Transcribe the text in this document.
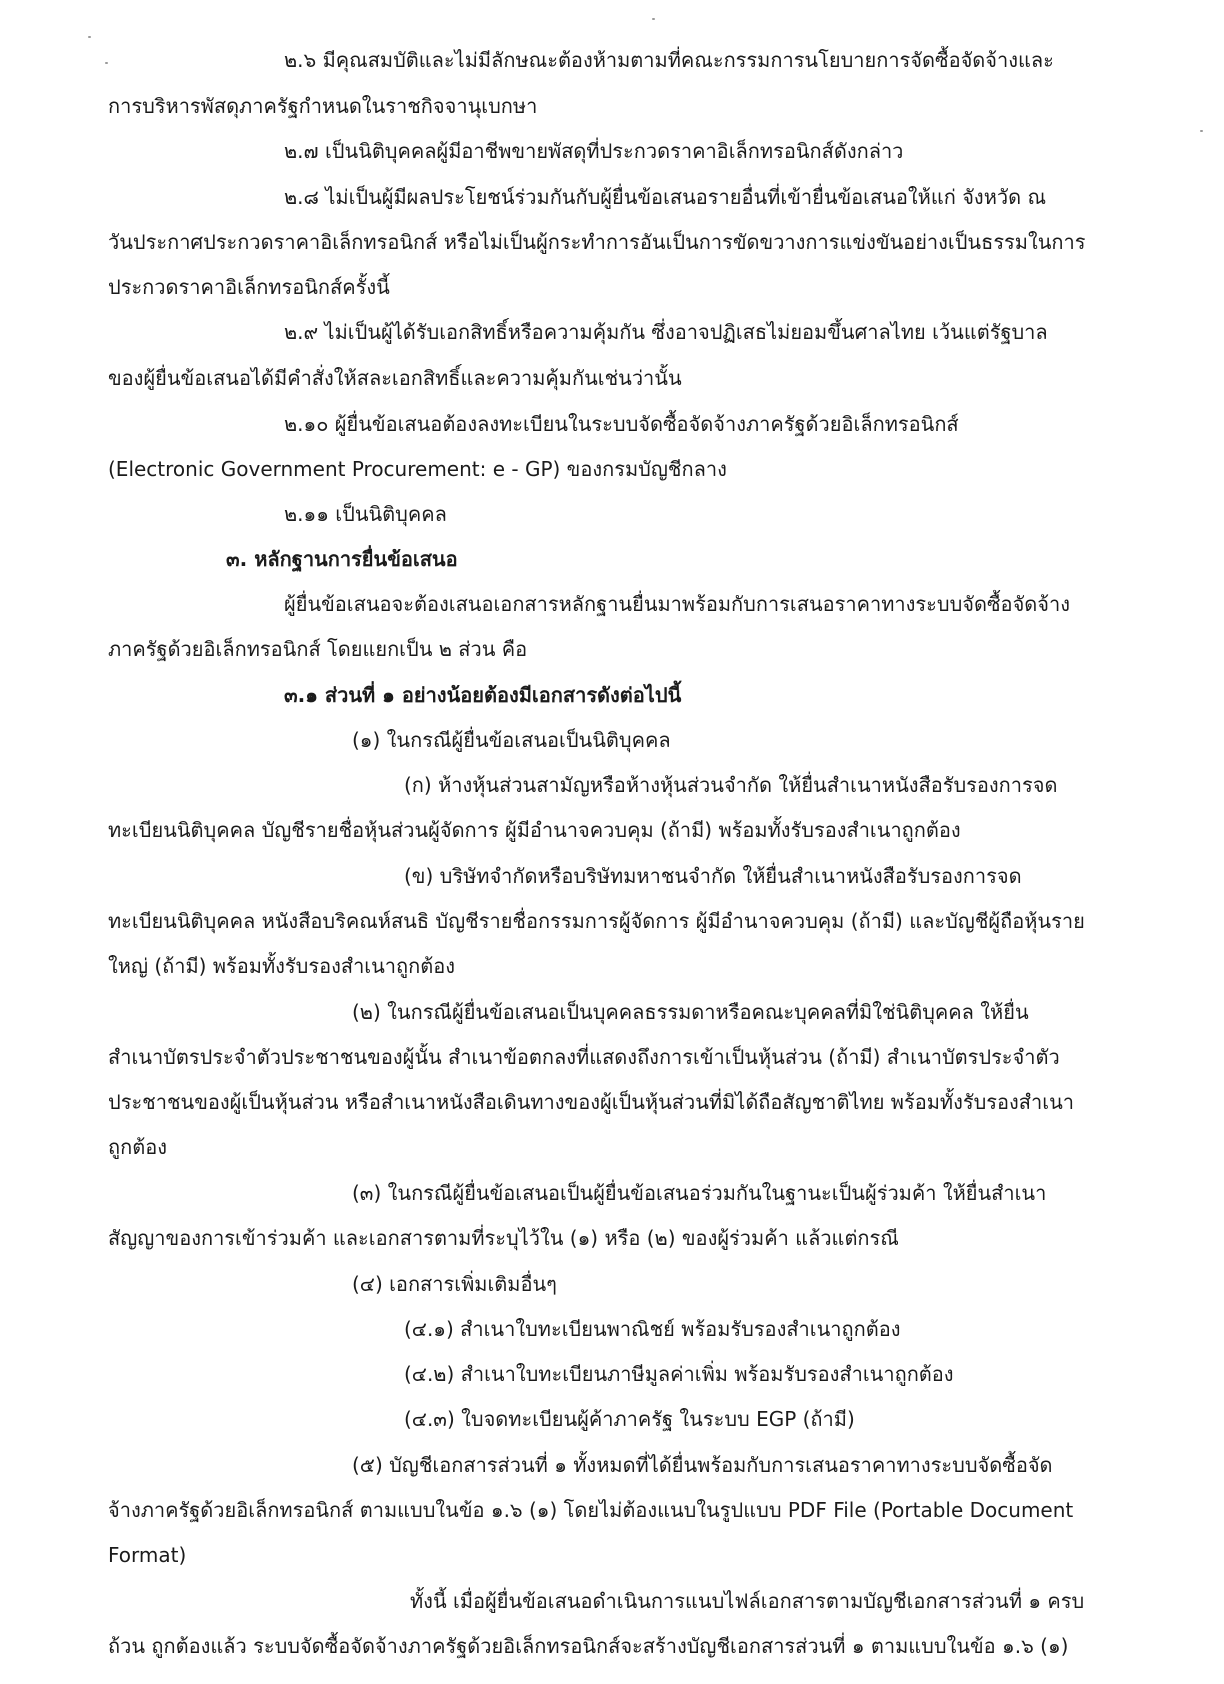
๒.๖ มีคุณสมบัติและไม่มีลักษณะต้องห้ามตามที่คณะกรรมการนโยบายการจัดซื้อจัดจ้างและ
การบริหารพัสดุภาครัฐกำหนดในราชกิจจานุเบกษา
๒.๗ เป็นนิติบุคคลผู้มีอาชีพขายพัสดุที่ประกวดราคาอิเล็กทรอนิกส์ดังกล่าว
๒.๘ ไม่เป็นผู้มีผลประโยชน์ร่วมกันกับผู้ยื่นข้อเสนอรายอื่นที่เข้ายื่นข้อเสนอให้แก่ จังหวัด ณ
วันประกาศประกวดราคาอิเล็กทรอนิกส์ หรือไม่เป็นผู้กระทำการอันเป็นการขัดขวางการแข่งขันอย่างเป็นธรรมในการ
ประกวดราคาอิเล็กทรอนิกส์ครั้งนี้
๒.๙ ไม่เป็นผู้ได้รับเอกสิทธิ์หรือความคุ้มกัน ซึ่งอาจปฏิเสธไม่ยอมขึ้นศาลไทย เว้นแต่รัฐบาล
ของผู้ยื่นข้อเสนอได้มีคำสั่งให้สละเอกสิทธิ์และความคุ้มกันเช่นว่านั้น
๒.๑๐ ผู้ยื่นข้อเสนอต้องลงทะเบียนในระบบจัดซื้อจัดจ้างภาครัฐด้วยอิเล็กทรอนิกส์
(Electronic Government Procurement: e - GP) ของกรมบัญชีกลาง
๒.๑๑ เป็นนิติบุคคล
๓. หลักฐานการยื่นข้อเสนอ
ผู้ยื่นข้อเสนอจะต้องเสนอเอกสารหลักฐานยื่นมาพร้อมกับการเสนอราคาทางระบบจัดซื้อจัดจ้าง
ภาครัฐด้วยอิเล็กทรอนิกส์ โดยแยกเป็น ๒ ส่วน คือ
๓.๑ ส่วนที่ ๑ อย่างน้อยต้องมีเอกสารดังต่อไปนี้
(๑) ในกรณีผู้ยื่นข้อเสนอเป็นนิติบุคคล
(ก) ห้างหุ้นส่วนสามัญหรือห้างหุ้นส่วนจำกัด ให้ยื่นสำเนาหนังสือรับรองการจด
ทะเบียนนิติบุคคล บัญชีรายชื่อหุ้นส่วนผู้จัดการ ผู้มีอำนาจควบคุม (ถ้ามี) พร้อมทั้งรับรองสำเนาถูกต้อง
(ข) บริษัทจำกัดหรือบริษัทมหาชนจำกัด ให้ยื่นสำเนาหนังสือรับรองการจด
ทะเบียนนิติบุคคล หนังสือบริคณห์สนธิ บัญชีรายชื่อกรรมการผู้จัดการ ผู้มีอำนาจควบคุม (ถ้ามี) และบัญชีผู้ถือหุ้นราย
ใหญ่ (ถ้ามี) พร้อมทั้งรับรองสำเนาถูกต้อง
(๒) ในกรณีผู้ยื่นข้อเสนอเป็นบุคคลธรรมดาหรือคณะบุคคลที่มิใช่นิติบุคคล ให้ยื่น
สำเนาบัตรประจำตัวประชาชนของผู้นั้น สำเนาข้อตกลงที่แสดงถึงการเข้าเป็นหุ้นส่วน (ถ้ามี) สำเนาบัตรประจำตัว
ประชาชนของผู้เป็นหุ้นส่วน หรือสำเนาหนังสือเดินทางของผู้เป็นหุ้นส่วนที่มิได้ถือสัญชาติไทย พร้อมทั้งรับรองสำเนา
ถูกต้อง
(๓) ในกรณีผู้ยื่นข้อเสนอเป็นผู้ยื่นข้อเสนอร่วมกันในฐานะเป็นผู้ร่วมค้า ให้ยื่นสำเนา
สัญญาของการเข้าร่วมค้า และเอกสารตามที่ระบุไว้ใน (๑) หรือ (๒) ของผู้ร่วมค้า แล้วแต่กรณี
(๔) เอกสารเพิ่มเติมอื่นๆ
(๔.๑) สำเนาใบทะเบียนพาณิชย์ พร้อมรับรองสำเนาถูกต้อง
(๔.๒) สำเนาใบทะเบียนภาษีมูลค่าเพิ่ม พร้อมรับรองสำเนาถูกต้อง
(๔.๓) ใบจดทะเบียนผู้ค้าภาครัฐ ในระบบ EGP (ถ้ามี)
(๕) บัญชีเอกสารส่วนที่ ๑ ทั้งหมดที่ได้ยื่นพร้อมกับการเสนอราคาทางระบบจัดซื้อจัด
จ้างภาครัฐด้วยอิเล็กทรอนิกส์ ตามแบบในข้อ ๑.๖ (๑) โดยไม่ต้องแนบในรูปแบบ PDF File (Portable Document
Format)
ทั้งนี้ เมื่อผู้ยื่นข้อเสนอดำเนินการแนบไฟล์เอกสารตามบัญชีเอกสารส่วนที่ ๑ ครบ
ถ้วน ถูกต้องแล้ว ระบบจัดซื้อจัดจ้างภาครัฐด้วยอิเล็กทรอนิกส์จะสร้างบัญชีเอกสารส่วนที่ ๑ ตามแบบในข้อ ๑.๖ (๑)
